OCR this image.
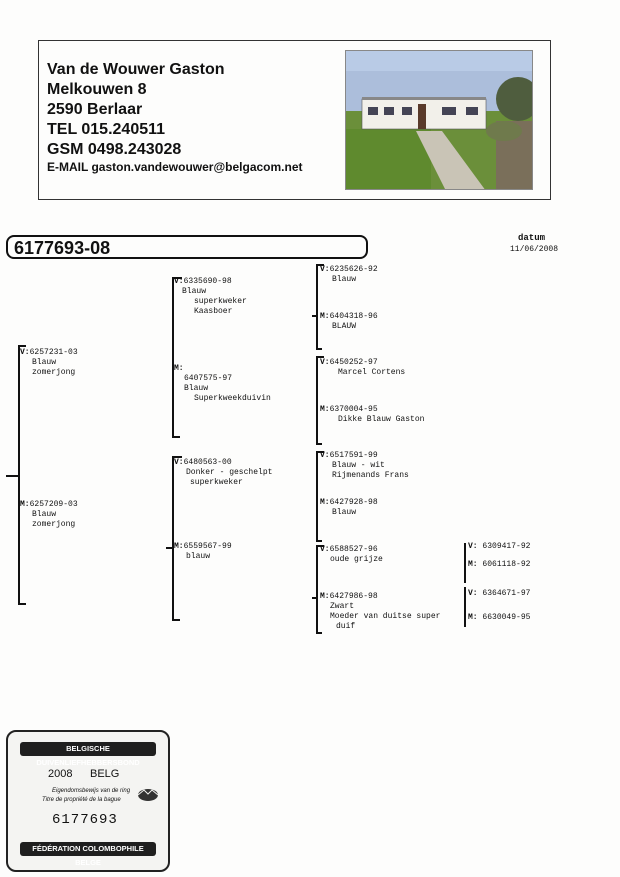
Van de Wouwer Gaston
Melkouwen 8
2590 Berlaar
TEL 015.240511
GSM 0498.243028
E-MAIL gaston.vandewouwer@belgacom.net
6177693-08	datum
11/06/2008
V:6257231-03
Blauw
zomerjong
M:6257209-03
Blauw
zomerjong
V:6335690-98
Blauw
superkweker
Kaasboer
M:
6407575-97
Blauw
Superkweekduivin
V:6480563-00
Donker - geschelpt
superkweker
M:6559567-99
blauw
V:6235626-92
Blauw
M:6404318-96
BLAUW
V:6450252-97
Marcel Cortens
M:6370004-95
Dikke Blauw Gaston
V:6517591-99
Blauw - wit
Rijmenands Frans
M:6427928-98
Blauw
V:6588527-96
oude grijze
M:6427986-98
Zwart
Moeder van duitse super
duif
V: 6309417-92
M: 6061118-92
V: 6364671-97
M: 6630049-95
BELGISCHE DUIVENLIEFHEBBERSBOND
2008 BELG
Eigendomsbewijs van de ring
Titre de propriété de la bague
6177693
FÉDÉRATION COLOMBOPHILE BELGE
